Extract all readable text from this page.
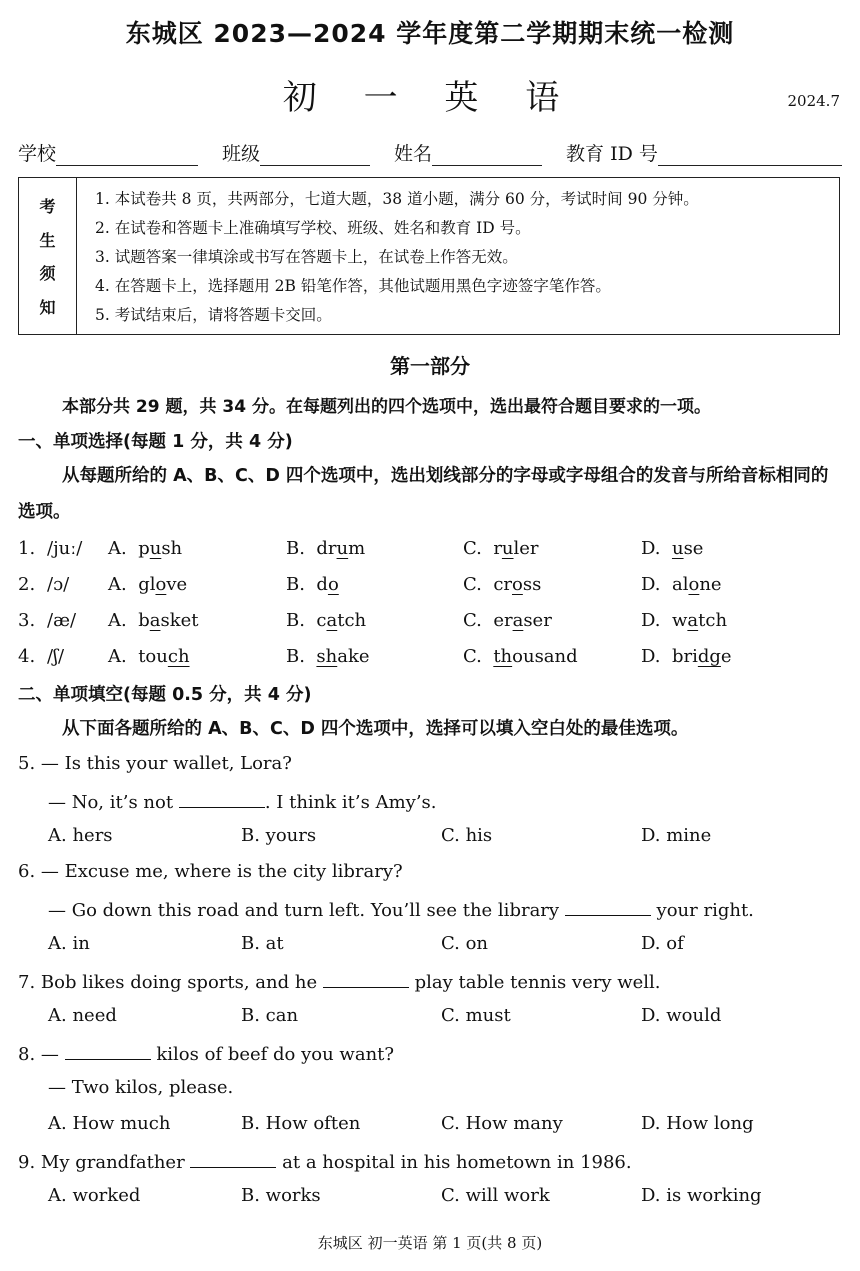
东城区 2023—2024 学年度第二学期期末统一检测
初 一 英 语	2024.7
学校	班级	姓名	教育 ID 号
考
生
须
知
1. 本试卷共 8 页，共两部分，七道大题，38 道小题，满分 60 分，考试时间 90 分钟。
2. 在试卷和答题卡上准确填写学校、班级、姓名和教育 ID 号。
3. 试题答案一律填涂或书写在答题卡上，在试卷上作答无效。
4. 在答题卡上，选择题用 2B 铅笔作答，其他试题用黑色字迹签字笔作答。
5. 考试结束后，请将答题卡交回。
第一部分
本部分共 29 题，共 34 分。在每题列出的四个选项中，选出最符合题目要求的一项。
一、单项选择(每题 1 分，共 4 分)
从每题所给的 A、B、C、D 四个选项中，选出划线部分的字母或字母组合的发音与所给音标相同的选项。
1. /juː/ A. push	B. drum	C. ruler	D. use
2. /ɔ/ A. glove	B. do	C. cross	D. alone
3. /æ/ A. basket	B. catch	C. eraser	D. watch
4. /ʃ/ A. touch	B. shake	C. thousand	D. bridge
二、单项填空(每题 0.5 分，共 4 分)
从下面各题所给的 A、B、C、D 四个选项中，选择可以填入空白处的最佳选项。
5. — Is this your wallet, Lora?
— No, it’s not	. I think it’s Amy’s.
A. hers	B. yours	C. his	D. mine
6. — Excuse me, where is the city library?
— Go down this road and turn left. You’ll see the library	your right.
A. in	B. at	C. on	D. of
7. Bob likes doing sports, and he	play table tennis very well.
A. need	B. can	C. must	D. would
8. —	kilos of beef do you want?
— Two kilos, please.
A. How much	B. How often	C. How many	D. How long
9. My grandfather	at a hospital in his hometown in 1986.
A. worked	B. works	C. will work	D. is working
东城区 初一英语 第 1 页(共 8 页)
